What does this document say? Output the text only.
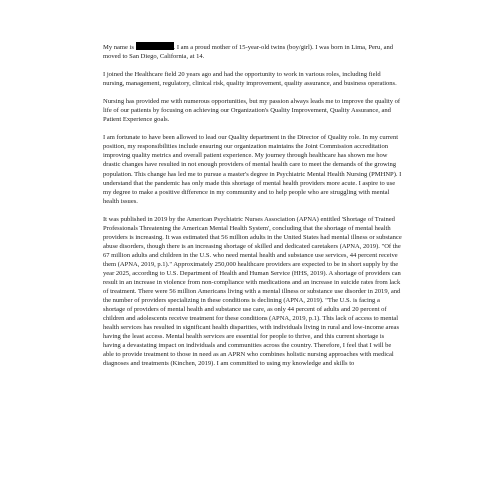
My name is	. I am a proud mother of 15-year-old twins (boy/girl). I was born in Lima, Peru, and moved to San Diego, California, at 14.

I joined the Healthcare field 20 years ago and had the opportunity to work in various roles, including field nursing, management, regulatory, clinical risk, quality improvement, quality assurance, and business operations.

Nursing has provided me with numerous opportunities, but my passion always leads me to improve the quality of life of our patients by focusing on achieving our Organization's Quality Improvement, Quality Assurance, and Patient Experience goals.

I am fortunate to have been allowed to lead our Quality department in the Director of Quality role. In my current position, my responsibilities include ensuring our organization maintains the Joint Commission accreditation improving quality metrics and overall patient experience. My journey through healthcare has shown me how drastic changes have resulted in not enough providers of mental health care to meet the demands of the growing population. This change has led me to pursue a master's degree in Psychiatric Mental Health Nursing (PMHNP). I understand that the pandemic has only made this shortage of mental health providers more acute. I aspire to use my degree to make a positive difference in my community and to help people who are struggling with mental health issues.

It was published in 2019 by the American Psychiatric Nurses Association (APNA) entitled 'Shortage of Trained Professionals Threatening the American Mental Health System', concluding that the shortage of mental health providers is increasing. It was estimated that 56 million adults in the United States had mental illness or substance abuse disorders, though there is an increasing shortage of skilled and dedicated caretakers (APNA, 2019). "Of the 67 million adults and children in the U.S. who need mental health and substance use services, 44 percent receive them (APNA, 2019, p.1)." Approximately 250,000 healthcare providers are expected to be in short supply by the year 2025, according to U.S. Department of Health and Human Service (HHS, 2019). A shortage of providers can result in an increase in violence from non-compliance with medications and an increase in suicide rates from lack of treatment. There were 56 million Americans living with a mental illness or substance use disorder in 2019, and the number of providers specializing in these conditions is declining (APNA, 2019). "The U.S. is facing a shortage of providers of mental health and substance use care, as only 44 percent of adults and 20 percent of children and adolescents receive treatment for these conditions (APNA, 2019, p.1). This lack of access to mental health services has resulted in significant health disparities, with individuals living in rural and low-income areas having the least access. Mental health services are essential for people to thrive, and this current shortage is having a devastating impact on individuals and communities across the country. Therefore, I feel that I will be able to provide treatment to those in need as an APRN who combines holistic nursing approaches with medical diagnoses and treatments (Kinchen, 2019). I am committed to using my knowledge and skills to
